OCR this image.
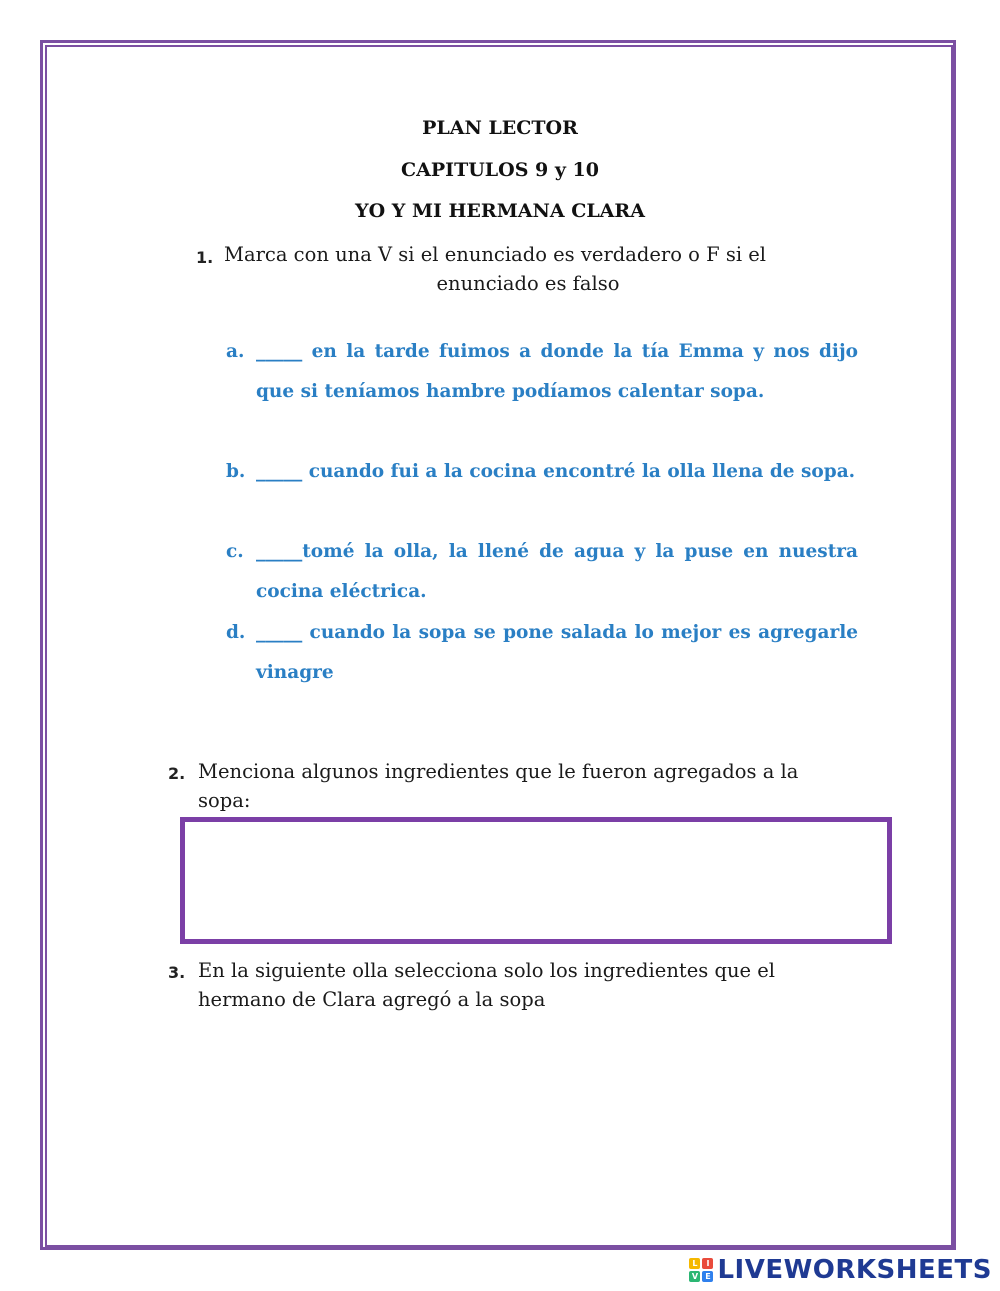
PLAN LECTOR
CAPITULOS 9 y 10
YO Y MI HERMANA CLARA
1. Marca con una V si el enunciado es verdadero o F si el
enunciado es falso
a. _____ en la tarde fuimos a donde la tía Emma y nos dijo que si teníamos hambre podíamos calentar sopa.
b. _____ cuando fui a la cocina encontré la olla llena de sopa.
c. _____tomé la olla, la llené de agua y la puse en nuestra cocina eléctrica.
d. _____ cuando la sopa se pone salada lo mejor es agregarle vinagre
2. Menciona algunos ingredientes que le fueron agregados a la
sopa:
3. En la siguiente olla selecciona solo los ingredientes que el
hermano de Clara agregó a la sopa
L	I
V E LIVEWORKSHEETS
